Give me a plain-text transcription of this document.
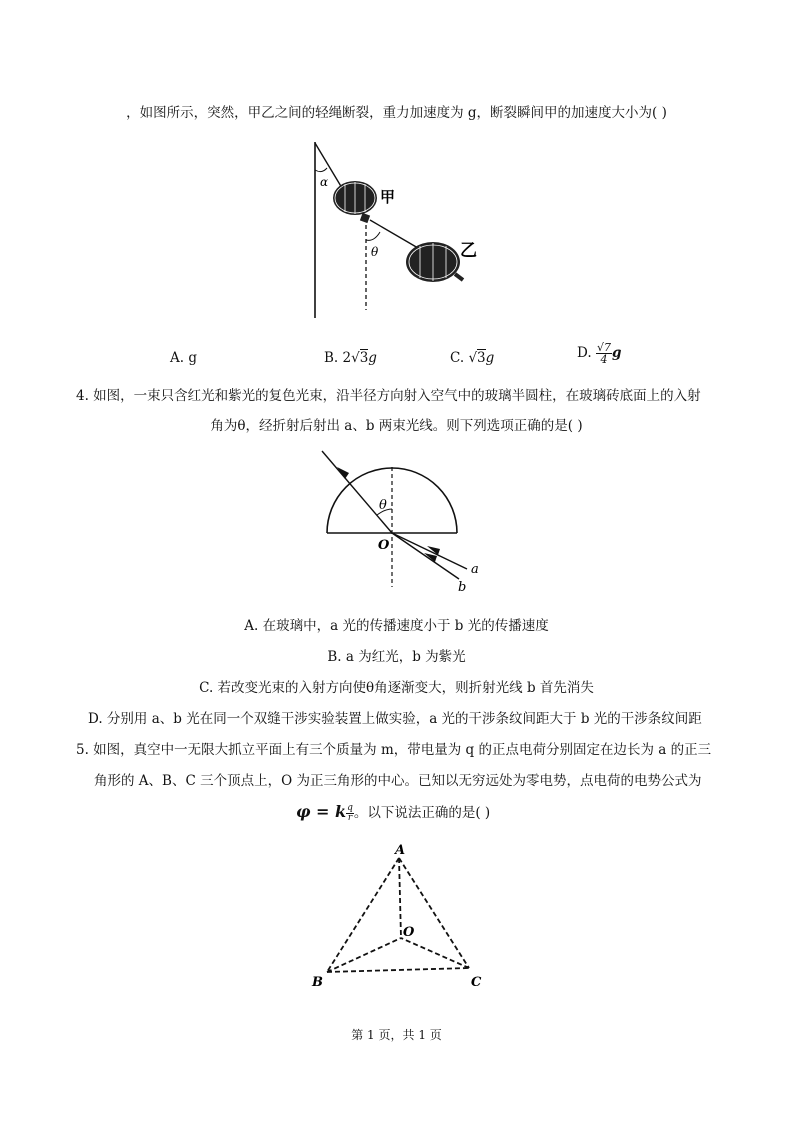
，如图所示，突然，甲乙之间的轻绳断裂，重力加速度为 g，断裂瞬间甲的加速度大小为( )
α
θ
甲
乙
A. g	B. 2√3g	C. √3g	D. $\frac{√7}{4}$ g
4. 如图，一束只含红光和紫光的复色光束，沿半径方向射入空气中的玻璃半圆柱，在玻璃砖底面上的入射
角为θ，经折射后射出 a、b 两束光线。则下列选项正确的是( )
θ
O
a
b
A. 在玻璃中，a 光的传播速度小于 b 光的传播速度
B. a 为红光，b 为紫光
C. 若改变光束的入射方向使θ角逐渐变大，则折射光线 b 首先消失
D. 分别用 a、b 光在同一个双缝干涉实验装置上做实验，a 光的干涉条纹间距大于 b 光的干涉条纹间距
5. 如图，真空中一无限大抓立平面上有三个质量为 m，带电量为 q 的正点电荷分别固定在边长为 a 的正三
角形的 A、B、C 三个顶点上，O 为正三角形的中心。已知以无穷远处为零电势，点电荷的电势公式为
φ = k $\frac{q}{r}$ 。以下说法正确的是( )
A
B	C
O
第 1 页，共 1 页
